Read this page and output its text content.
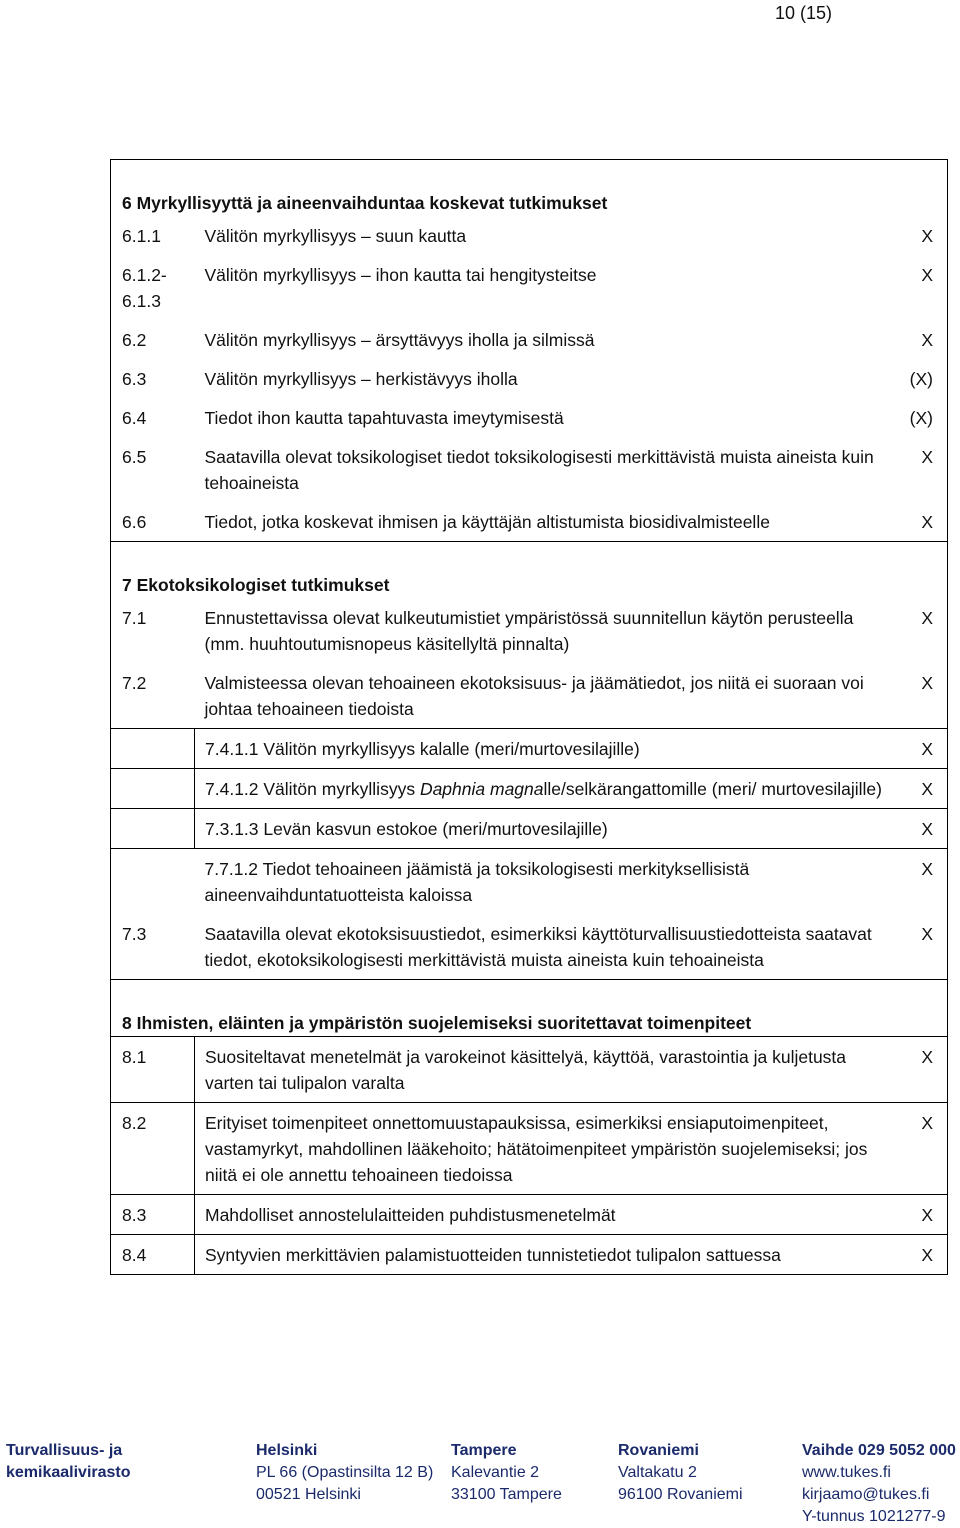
10 (15)
6 Myrkyllisyyttä ja aineenvaihduntaa koskevat tutkimukset		
6.1.1	Välitön myrkyllisyys – suun kautta	X
6.1.2-6.1.3	Välitön myrkyllisyys – ihon kautta tai hengitysteitse	X
6.2	Välitön myrkyllisyys – ärsyttävyys iholla ja silmissä	X
6.3	Välitön myrkyllisyys – herkistävyys iholla	(X)
6.4	Tiedot ihon kautta tapahtuvasta imeytymisestä	(X)
6.5	Saatavilla olevat toksikologiset tiedot toksikologisesti merkittävistä muista aineista kuin tehoaineista	X
6.6	Tiedot, jotka koskevat ihmisen ja käyttäjän altistumista biosidivalmisteelle	X
7 Ekotoksikologiset tutkimukset		
7.1	Ennustettavissa olevat kulkeutumistiet ympäristössä suunnitellun käytön perusteella (mm. huuhtoutumisnopeus käsitellyltä pinnalta)	X
7.2	Valmisteessa olevan tehoaineen ekotoksisuus- ja jäämätiedot, jos niitä ei suoraan voi johtaa tehoaineen tiedoista	X
	7.4.1.1 Välitön myrkyllisyys kalalle (meri/murtovesilajille)	X
	7.4.1.2 Välitön myrkyllisyys Daphnia magnalle/selkärangattomille (meri/ murtovesilajille)	X
	7.3.1.3 Levän kasvun estokoe (meri/murtovesilajille)	X
	7.7.1.2 Tiedot tehoaineen jäämistä ja toksikologisesti merkityksellisistä aineenvaihduntatuotteista kaloissa	X
7.3	Saatavilla olevat ekotoksisuustiedot, esimerkiksi käyttöturvallisuustiedotteista saatavat tiedot, ekotoksikologisesti merkittävistä muista aineista kuin tehoaineista	X
8 Ihmisten, eläinten ja ympäristön suojelemiseksi suoritettavat toimenpiteet		
8.1	Suositeltavat menetelmät ja varokeinot käsittelyä, käyttöä, varastointia ja kuljetusta varten tai tulipalon varalta	X
8.2	Erityiset toimenpiteet onnettomuustapauksissa, esimerkiksi ensiaputoimenpiteet, vastamyrkyt, mahdollinen lääkehoito; hätätoimenpiteet ympäristön suojelemiseksi; jos niitä ei ole annettu tehoaineen tiedoissa	X
8.3	Mahdolliset annostelulaitteiden puhdistusmenetelmät	X
8.4	Syntyvien merkittävien palamistuotteiden tunnistetiedot tulipalon sattuessa	X
Turvallisuus- ja
kemikaalivirasto
Helsinki
PL 66 (Opastinsilta 12 B)
00521 Helsinki
Tampere
Kalevantie 2
33100 Tampere
Rovaniemi
Valtakatu 2
96100 Rovaniemi
Vaihde 029 5052 000
www.tukes.fi
kirjaamo@tukes.fi
Y-tunnus 1021277-9
